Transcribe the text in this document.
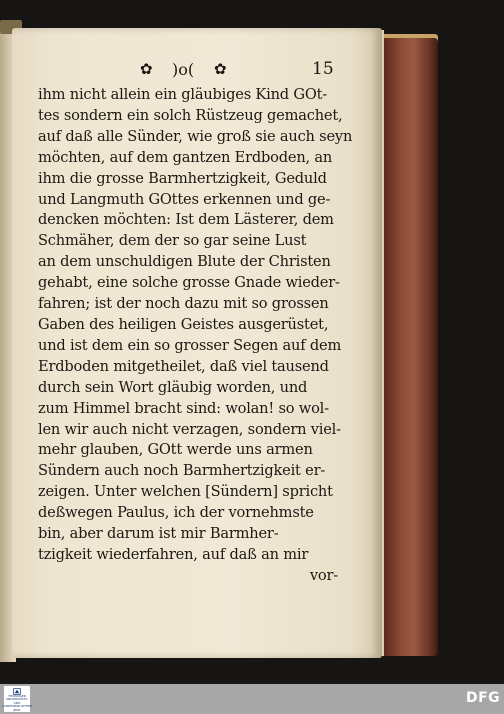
✿ )o( ✿	15
ihm nicht allein ein gläubiges Kind GOt-
tes sondern ein solch Rüstzeug gemachet,
auf daß alle Sünder, wie groß sie auch seyn
möchten, auf dem gantzen Erdboden, an
ihm die grosse Barmhertzigkeit, Geduld
und Langmuth GOttes erkennen und ge-
dencken möchten: Ist dem Lästerer, dem
Schmäher, dem der so gar seine Lust
an dem unschuldigen Blute der Christen
gehabt, eine solche grosse Gnade wieder-
fahren; ist der noch dazu mit so grossen
Gaben des heiligen Geistes ausgerüstet,
und ist dem ein so grosser Segen auf dem
Erdboden mitgetheilet, daß viel tausend
durch sein Wort gläubig worden, und
zum Himmel bracht sind: wolan! so wol-
len wir auch nicht verzagen, sondern viel-
mehr glauben, GOtt werde uns armen
Sündern auch noch Barmhertzigkeit er-
zeigen. Unter welchen [Sündern] spricht
deßwegen Paulus, ich der vornehmste
bin, aber darum ist mir Barmher-
tzigkeit wiederfahren, auf daß an mir
vor-
THÜRINGER UNIVERSITÄTS- UND LANDESBIBLIOTHEK JENA
DFG
